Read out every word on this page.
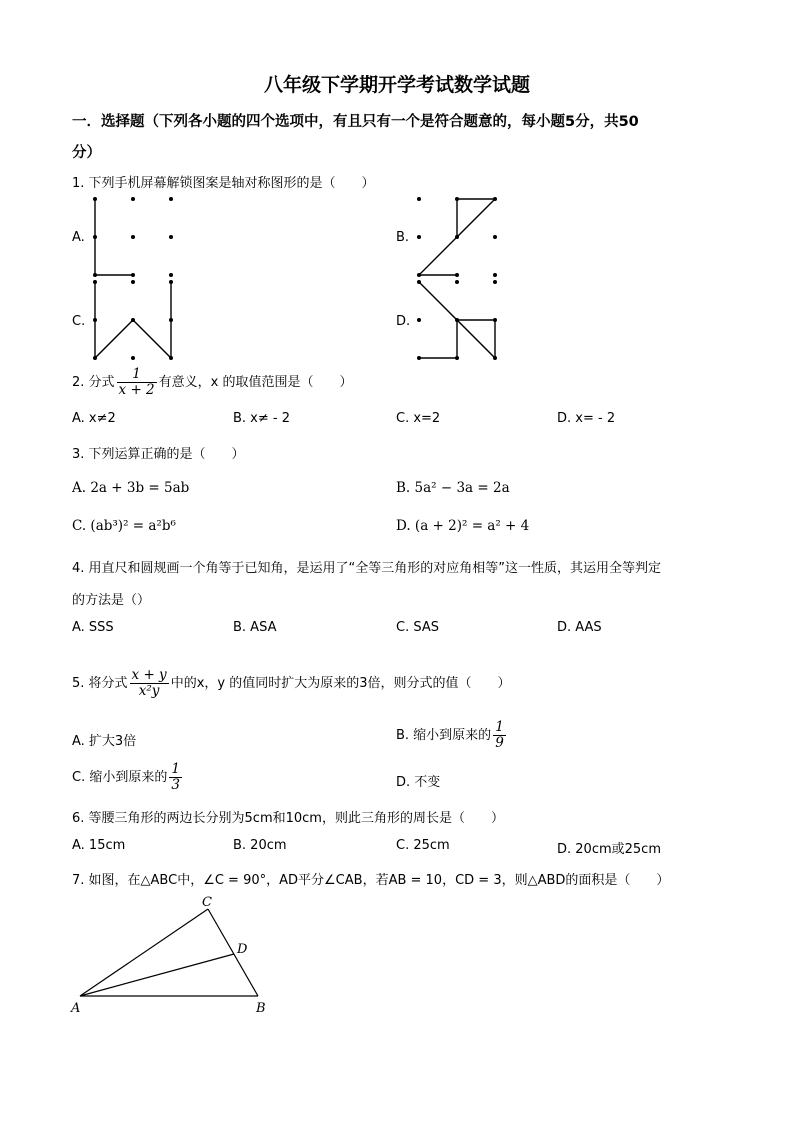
八年级下学期开学考试数学试题
一．选择题（下列各小题的四个选项中，有且只有一个是符合题意的，每小题5分，共50
分）
1. 下列手机屏幕解锁图案是轴对称图形的是（　　）
A.	B.
C.	D.
2. 分式 $\frac{1}{x + 2}$ 有意义，x 的取值范围是（　　）
A. x≠2	B. x≠ - 2	C. x=2	D. x= - 2
3. 下列运算正确的是（　　）
A. 2a + 3b = 5ab	B. 5a² − 3a = 2a
C. (ab³)² = a²b⁶	D. (a + 2)² = a² + 4
4. 用直尺和圆规画一个角等于已知角，是运用了“全等三角形的对应角相等”这一性质，其运用全等判定
的方法是（）
A. SSS	B. ASA	C. SAS	D. AAS
5. 将分式 $\frac{x + y}{\text{x²y}}$ 中的x，y 的值同时扩大为原来的3倍，则分式的值（　　）
A. 扩大3倍	B. 缩小到原来的 $\frac{1}{9}$
C. 缩小到原来的 $\frac{1}{3}$	D. 不变
6. 等腰三角形的两边长分别为5cm和10cm，则此三角形的周长是（　　）
A. 15cm	B. 20cm	C. 25cm	D. 20cm或25cm
7. 如图，在△ABC中，∠C = 90°，AD平分∠CAB，若AB = 10，CD = 3，则△ABD的面积是（　　）
C
D
A	B
